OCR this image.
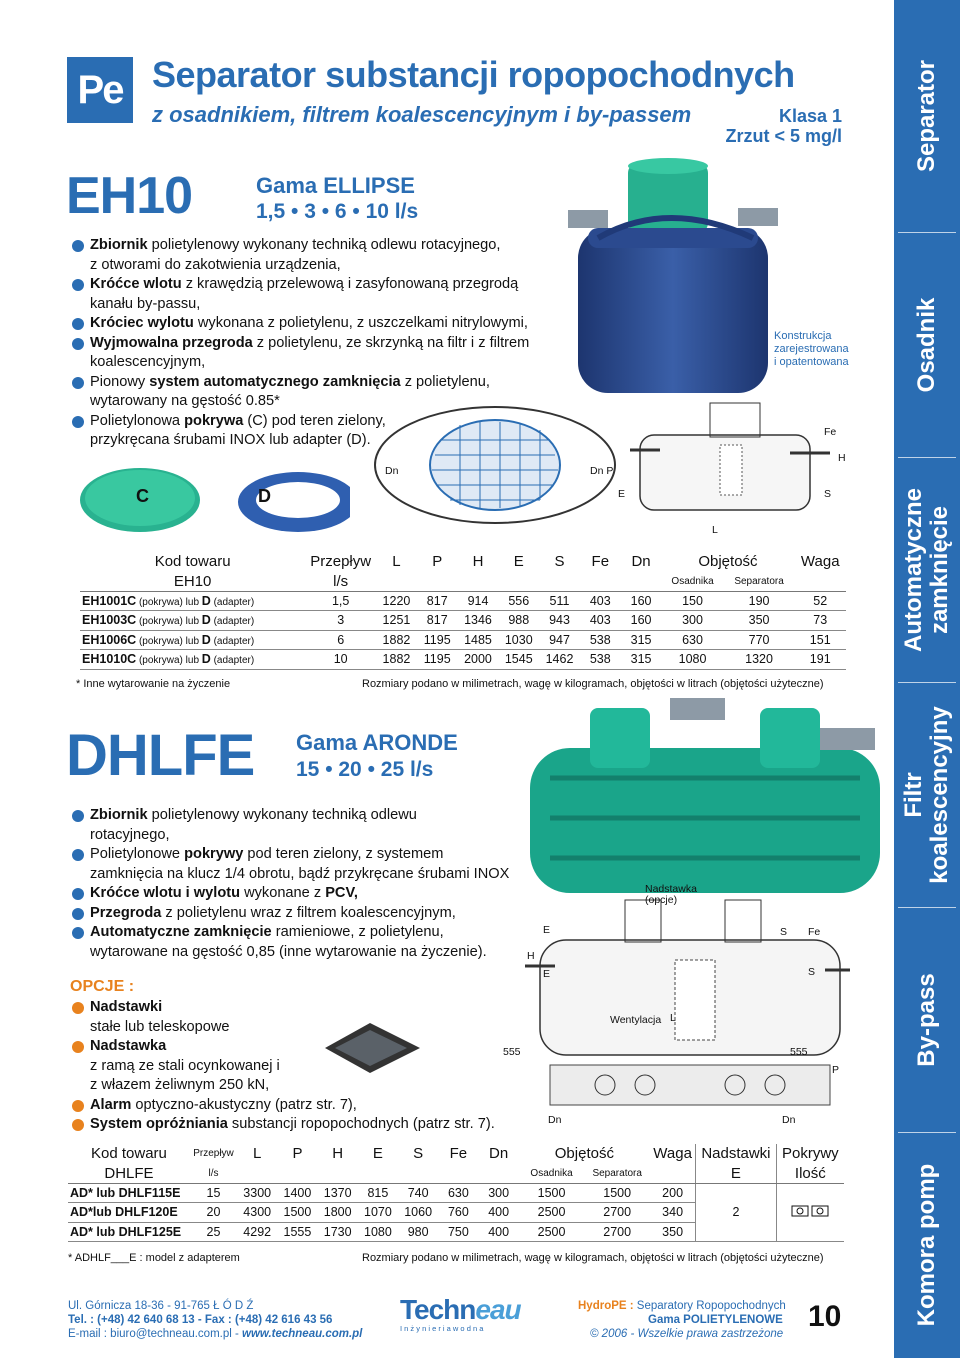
Separator
Osadnik
Automatyczne zamknięcie
Filtr koalescencyjny
By-pass
Komora pomp
Pe Separator substancji ropopochodnych
z osadnikiem, filtrem koalescencyjnym i by-passem	Klasa 1
Zrzut < 5 mg/l
EH10	Gama ELLIPSE
1,5 • 3 • 6 • 10 l/s
Zbiornik polietylenowy wykonany techniką odlewu rotacyjnego,
z otworami do zakotwienia urządzenia,
Króćce wlotu z krawędzią przelewową i zasyfonowaną przegrodą
kanału by-passu,
Króciec wylotu wykonana z polietylenu, z uszczelkami nitrylowymi,
Wyjmowalna przegroda z polietylenu, ze skrzynką na filtr i z filtrem
koalescencyjnym,
Pionowy system automatycznego zamknięcia z polietylenu,
wytarowany na gęstość 0.85*
Polietylonowa pokrywa (C) pod teren zielony,
przykręcana śrubami INOX lub adapter (D).
Konstrukcja
zarejestrowana
i opatentowana
C	D
Dn	Dn P
E
L
Fe
H
S
Kod towaru	Przepływ	L	P	H	E	S	Fe	Dn	Objętość		Waga
EH10	l/s								Osadnika	Separatora	
EH1001C (pokrywa) lub D (adapter)	1,5	1220	817	914	556	511	403	160	150	190	52
EH1003C (pokrywa) lub D (adapter)	3	1251	817	1346	988	943	403	160	300	350	73
EH1006C (pokrywa) lub D (adapter)	6	1882	1195	1485	1030	947	538	315	630	770	151
EH1010C (pokrywa) lub D (adapter)	10	1882	1195	2000	1545	1462	538	315	1080	1320	191
* Inne wytarowanie na życzenie	Rozmiary podano w milimetrach, wagę w kilogramach, objętości w litrach (objętości użyteczne)
DHLFE Gama ARONDE
15 • 20 • 25 l/s
Zbiornik polietylenowy wykonany techniką odlewu
rotacyjnego,
Polietylonowe pokrywy pod teren zielony, z systemem
zamknięcia na klucz 1/4 obrotu, bądź przykręcane śrubami INOX
Króćce wlotu i wylotu wykonane z PCV,
Przegroda z polietylenu wraz z filtrem koalescencyjnym,
Automatyczne zamknięcie ramieniowe, z polietylenu,
wytarowane na gęstość 0,85 (inne wytarowanie na życzenie).
OPCJE :
Nadstawki
stałe lub teleskopowe
Nadstawka
z ramą ze stali ocynkowanej i
z włazem żeliwnym 250 kN,
Alarm optyczno-akustyczny (patrz str. 7),
System opróżniania substancji ropopochodnych (patrz str. 7).
Nadstawka
(opcje)
E
H
E
Wentylacja L
S Fe
S
P
555	555
Dn	Dn
Kod towaru	Przepływ	L	P	H	E	S	Fe	Dn	Objętość		Waga	Nadstawki	Pokrywy
DHLFE	l/s								Osadnika	Separatora		E	Ilość
AD* lub DHLF115E	15	3300	1400	1370	815	740	630	300	1500	1500	200	2	
AD*lub DHLF120E	20	4300	1500	1800	1070	1060	760	400	2500	2700	340		
AD* lub DHLF125E	25	4292	1555	1730	1080	980	750	400	2500	2700	350		
* ADHLF___E : model z adapterem	Rozmiary podano w milimetrach, wagę w kilogramach, objętości w litrach (objętości użyteczne)
Ul. Górnicza 18-36 - 91-765 Ł Ó D Ź
Tel. : (+48) 42 640 68 13 - Fax : (+48) 42 616 43 56
E-mail : biuro@techneau.com.pl - www.techneau.com.pl
Techneau
I n ż y n i e r i a w o d n a
HydroPE : Separatory Ropopochodnych
Gama POLIETYLENOWE
© 2006 - Wszelkie prawa zastrzeżone
10
